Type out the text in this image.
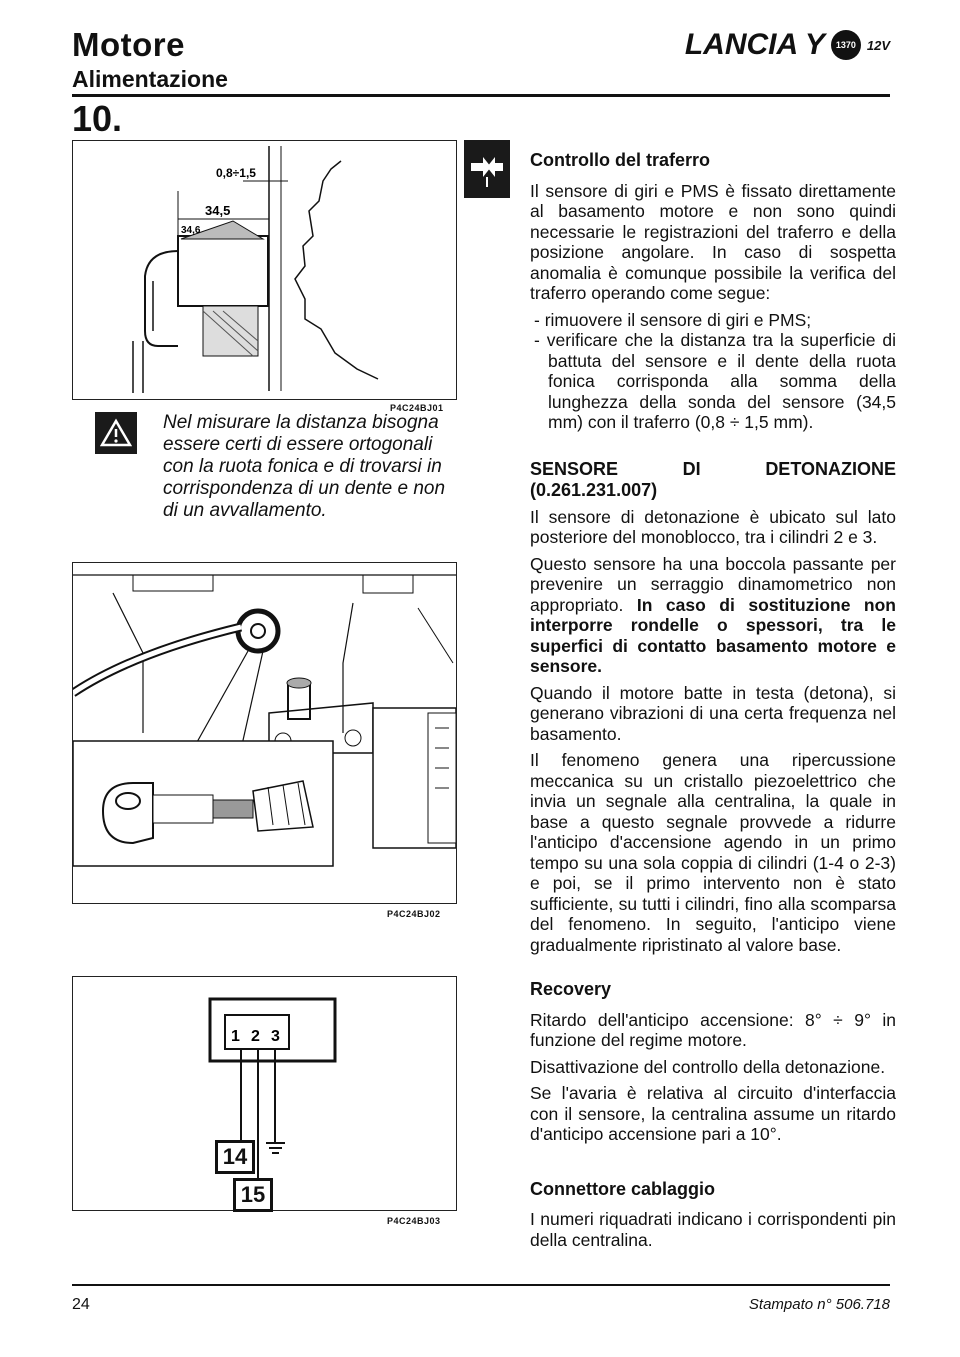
Motore
Alimentazione
LANCIA Y	1370 12V
10.
0,8÷1,5
34,5
34,6
P4C24BJ01
Nel misurare la distanza bisogna essere certi di essere ortogonali con la ruota fonica e di trovarsi in corrispondenza di un dente e non di un avvallamento.
P4C24BJ02
1 2 3
14
15
P4C24BJ03
Controllo del traferro

Il sensore di giri e PMS è fissato direttamente al basamento motore e non sono quindi necessarie le registrazioni del traferro e della posizione angolare. In caso di sospetta anomalia è comunque possibile la verifica del traferro operando come segue:

- rimuovere il sensore di giri e PMS;
- verificare che la distanza tra la superficie di battuta del sensore e il dente della ruota fonica corrisponda alla somma della lunghezza della sonda del sensore (34,5 mm) con il traferro (0,8 ÷ 1,5 mm).
SENSORE	DI	DETONAZIONE
(0.261.231.007)

Il sensore di detonazione è ubicato sul lato posteriore del monoblocco, tra i cilindri 2 e 3.

Questo sensore ha una boccola passante per prevenire un serraggio dinamometrico non appropriato. In caso di sostituzione non interporre rondelle o spessori, tra le superfici di contatto basamento motore e sensore.

Quando il motore batte in testa (detona), si generano vibrazioni di una certa frequenza nel basamento.

Il fenomeno genera una ripercussione meccanica su un cristallo piezoelettrico che invia un segnale alla centralina, la quale in base a questo segnale provvede a ridurre l'anticipo d'accensione agendo in un primo tempo su una sola coppia di cilindri (1-4 o 2-3) e poi, se il primo intervento non è stato sufficiente, su tutti i cilindri, fino alla scomparsa del fenomeno. In seguito, l'anticipo viene gradualmente ripristinato al valore base.

Recovery

Ritardo dell'anticipo accensione: 8° ÷ 9° in funzione del regime motore.

Disattivazione del controllo della detonazione.

Se l'avaria è relativa al circuito d'interfaccia con il sensore, la centralina assume un ritardo d'anticipo accensione pari a 10°.

Connettore cablaggio

I numeri riquadrati indicano i corrispondenti pin della centralina.

24	Stampato n° 506.718
